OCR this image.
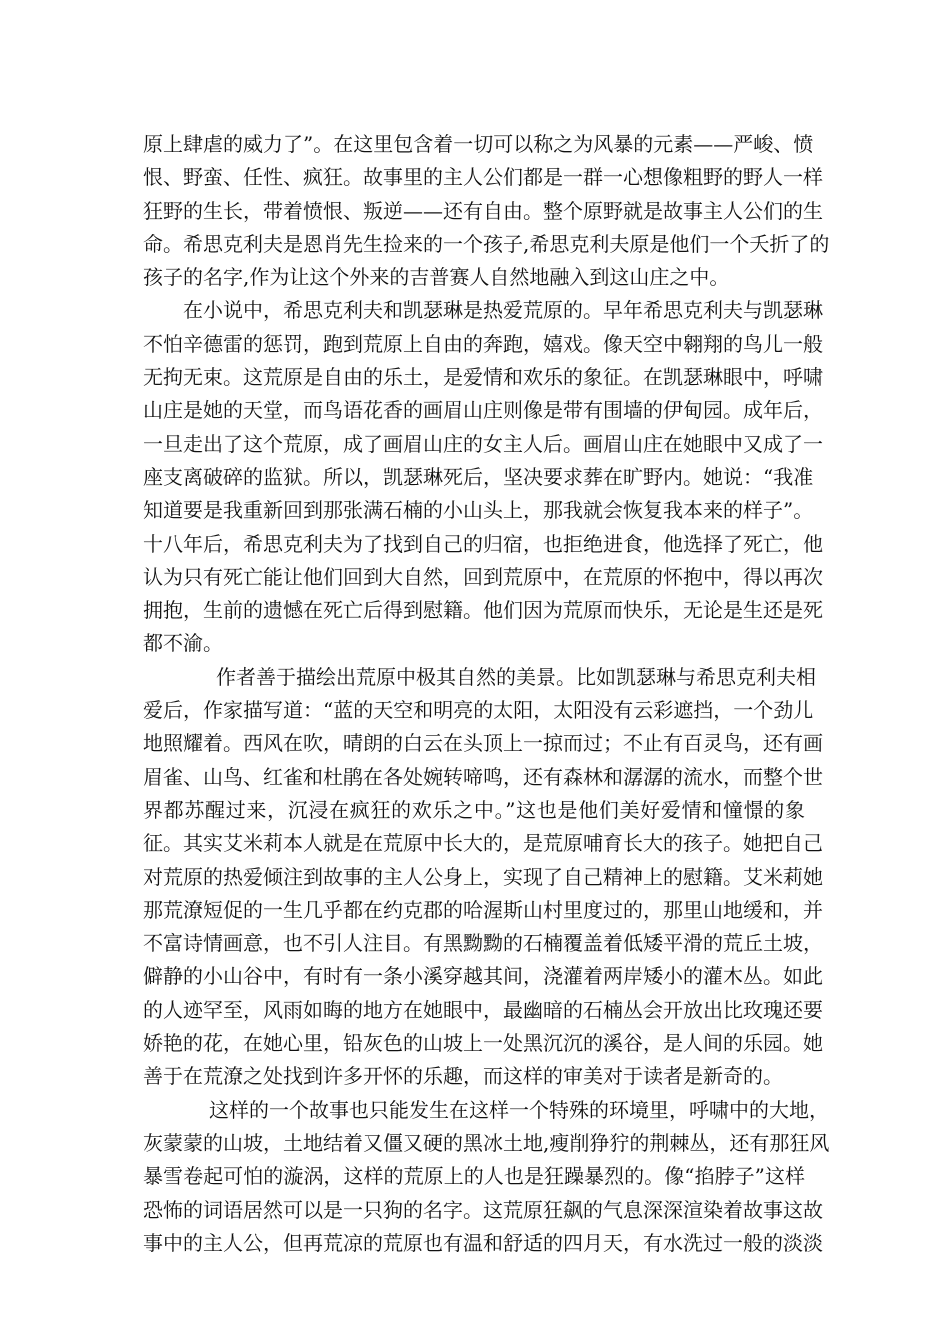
原上肆虐的威力了”。在这里包含着一切可以称之为风暴的元素——严峻、愤
恨、野蛮、任性、疯狂。故事里的主人公们都是一群一心想像粗野的野人一样
狂野的生长，带着愤恨、叛逆——还有自由。整个原野就是故事主人公们的生
命。希思克利夫是恩肖先生捡来的一个孩子,希思克利夫原是他们一个夭折了的
孩子的名字,作为让这个外来的吉普赛人自然地融入到这山庄之中。
在小说中，希思克利夫和凯瑟琳是热爱荒原的。早年希思克利夫与凯瑟琳
不怕辛德雷的惩罚，跑到荒原上自由的奔跑，嬉戏。像天空中翱翔的鸟儿一般
无拘无束。这荒原是自由的乐土，是爱情和欢乐的象征。在凯瑟琳眼中，呼啸
山庄是她的天堂，而鸟语花香的画眉山庄则像是带有围墙的伊甸园。成年后，
一旦走出了这个荒原，成了画眉山庄的女主人后。画眉山庄在她眼中又成了一
座支离破碎的监狱。所以，凯瑟琳死后，坚决要求葬在旷野内。她说：“我准
知道要是我重新回到那张满石楠的小山头上，那我就会恢复我本来的样子”。
十八年后，希思克利夫为了找到自己的归宿，也拒绝进食，他选择了死亡，他
认为只有死亡能让他们回到大自然，回到荒原中，在荒原的怀抱中，得以再次
拥抱，生前的遗憾在死亡后得到慰籍。他们因为荒原而快乐，无论是生还是死
都不渝。
作者善于描绘出荒原中极其自然的美景。比如凯瑟琳与希思克利夫相
爱后，作家描写道：“蓝的天空和明亮的太阳，太阳没有云彩遮挡，一个劲儿
地照耀着。西风在吹，晴朗的白云在头顶上一掠而过；不止有百灵鸟，还有画
眉雀、山鸟、红雀和杜鹃在各处婉转啼鸣，还有森林和潺潺的流水，而整个世
界都苏醒过来，沉浸在疯狂的欢乐之中。”这也是他们美好爱情和憧憬的象
征。其实艾米莉本人就是在荒原中长大的，是荒原哺育长大的孩子。她把自己
对荒原的热爱倾注到故事的主人公身上，实现了自己精神上的慰籍。艾米莉她
那荒潦短促的一生几乎都在约克郡的哈渥斯山村里度过的，那里山地缓和，并
不富诗情画意，也不引人注目。有黑黝黝的石楠覆盖着低矮平滑的荒丘土坡，
僻静的小山谷中，有时有一条小溪穿越其间，浇灌着两岸矮小的灌木丛。如此
的人迹罕至，风雨如晦的地方在她眼中，最幽暗的石楠丛会开放出比玫瑰还要
娇艳的花，在她心里，铅灰色的山坡上一处黑沉沉的溪谷，是人间的乐园。她
善于在荒潦之处找到许多开怀的乐趣，而这样的审美对于读者是新奇的。
这样的一个故事也只能发生在这样一个特殊的环境里，呼啸中的大地，
灰蒙蒙的山坡，土地结着又僵又硬的黑冰土地,瘦削狰狞的荆棘丛，还有那狂风
暴雪卷起可怕的漩涡，这样的荒原上的人也是狂躁暴烈的。像“掐脖子”这样
恐怖的词语居然可以是一只狗的名字。这荒原狂飙的气息深深渲染着故事这故
事中的主人公，但再荒凉的荒原也有温和舒适的四月天，有水洗过一般的淡淡
